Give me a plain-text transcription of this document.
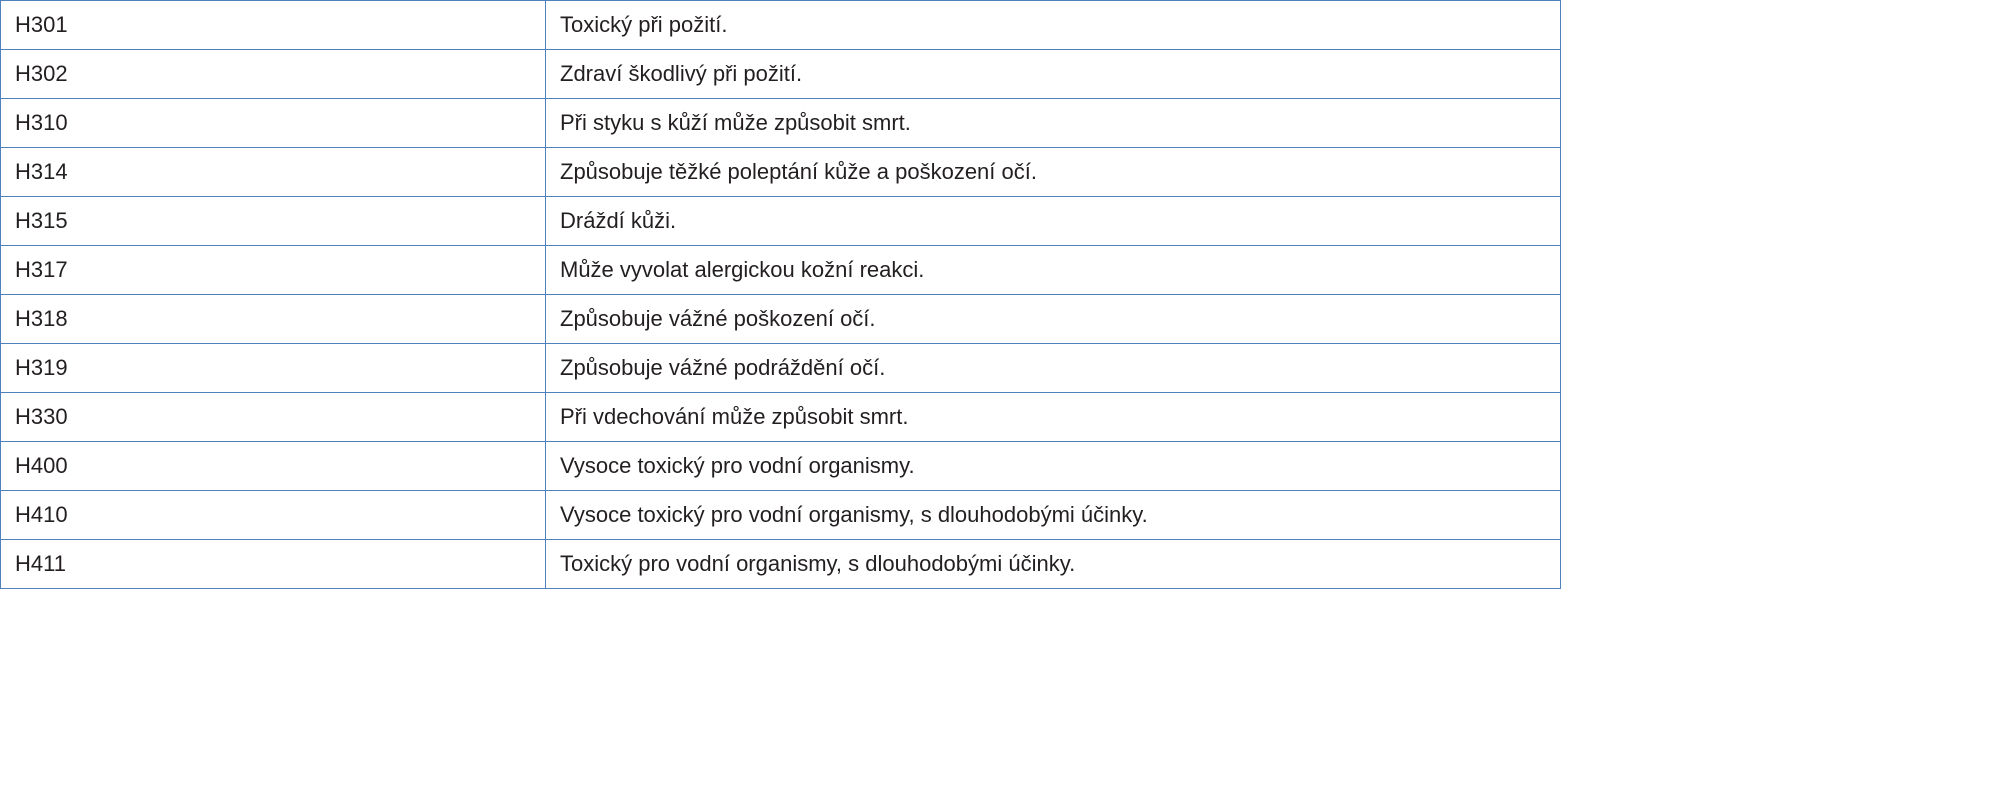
H301	Toxický při požití.
H302	Zdraví škodlivý při požití.
H310	Při styku s kůží může způsobit smrt.
H314	Způsobuje těžké poleptání kůže a poškození očí.
H315	Dráždí kůži.
H317	Může vyvolat alergickou kožní reakci.
H318	Způsobuje vážné poškození očí.
H319	Způsobuje vážné podráždění očí.
H330	Při vdechování může způsobit smrt.
H400	Vysoce toxický pro vodní organismy.
H410	Vysoce toxický pro vodní organismy, s dlouhodobými účinky.
H411	Toxický pro vodní organismy, s dlouhodobými účinky.
